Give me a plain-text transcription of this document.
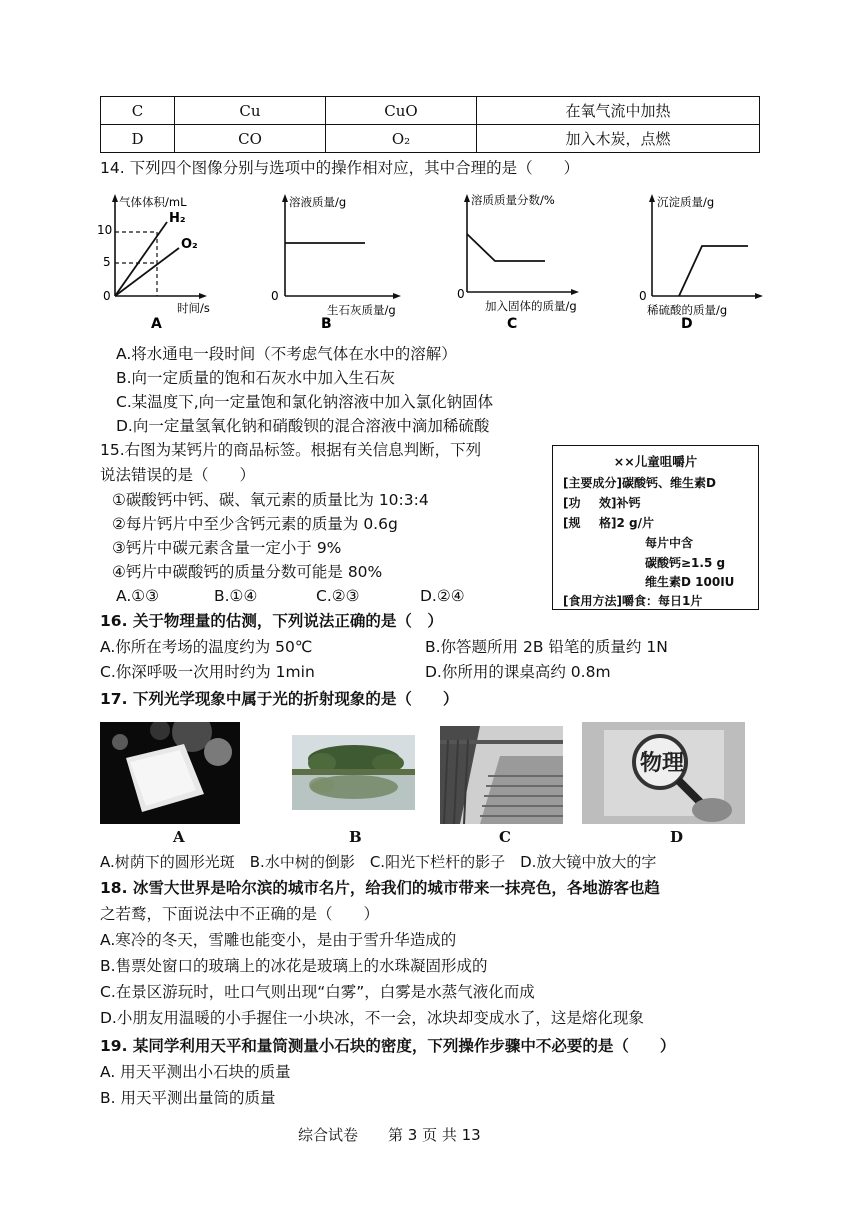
C	Cu	CuO	在氧气流中加热
D	CO	O₂	加入木炭，点燃
14. 下列四个图像分别与选项中的操作相对应，其中合理的是（　　）
气体体积/mL
时间/s
0
10
5
H₂
O₂
A
溶液质量/g
生石灰质量/g
0
B
溶质质量分数/%
加入固体的质量/g
0
C
沉淀质量/g
稀硫酸的质量/g
0
D
A.将水通电一段时间（不考虑气体在水中的溶解）
B.向一定质量的饱和石灰水中加入生石灰
C.某温度下,向一定量饱和氯化钠溶液中加入氯化钠固体
D.向一定量氢氧化钠和硝酸钡的混合溶液中滴加稀硫酸
15.右图为某钙片的商品标签。根据有关信息判断，下列
说法错误的是（　　）
①碳酸钙中钙、碳、氧元素的质量比为 10:3:4
②每片钙片中至少含钙元素的质量为 0.6g
③钙片中碳元素含量一定小于 9%
④钙片中碳酸钙的质量分数可能是 80%
A.①③	B.①④	C.②③	D.②④
××儿童咀嚼片
[主要成分]碳酸钙、维生素D
[功 效]补钙
[规 格]2 g/片
每片中含
碳酸钙≥1.5 g
维生素D 100IU
[食用方法]嚼食：每日1片
16. 关于物理量的估测，下列说法正确的是（　）
A.你所在考场的温度约为 50℃	B.你答题所用 2B 铅笔的质量约 1N
C.你深呼吸一次用时约为 1min	D.你所用的课桌高约 0.8m
17. 下列光学现象中属于光的折射现象的是（　　）
物理
A	B	C	D
A.树荫下的圆形光斑　B.水中树的倒影　C.阳光下栏杆的影子　D.放大镜中放大的字
18. 冰雪大世界是哈尔滨的城市名片，给我们的城市带来一抹亮色，各地游客也趋
之若鹜，下面说法中不正确的是（　　）
A.寒冷的冬天，雪雕也能变小，是由于雪升华造成的
B.售票处窗口的玻璃上的冰花是玻璃上的水珠凝固形成的
C.在景区游玩时，吐口气则出现“白雾”，白雾是水蒸气液化而成
D.小朋友用温暖的小手握住一小块冰，不一会，冰块却变成水了，这是熔化现象
19. 某同学利用天平和量筒测量小石块的密度，下列操作步骤中不必要的是（　　）
A. 用天平测出小石块的质量
B. 用天平测出量筒的质量
综合试卷　　第 3 页 共 13
